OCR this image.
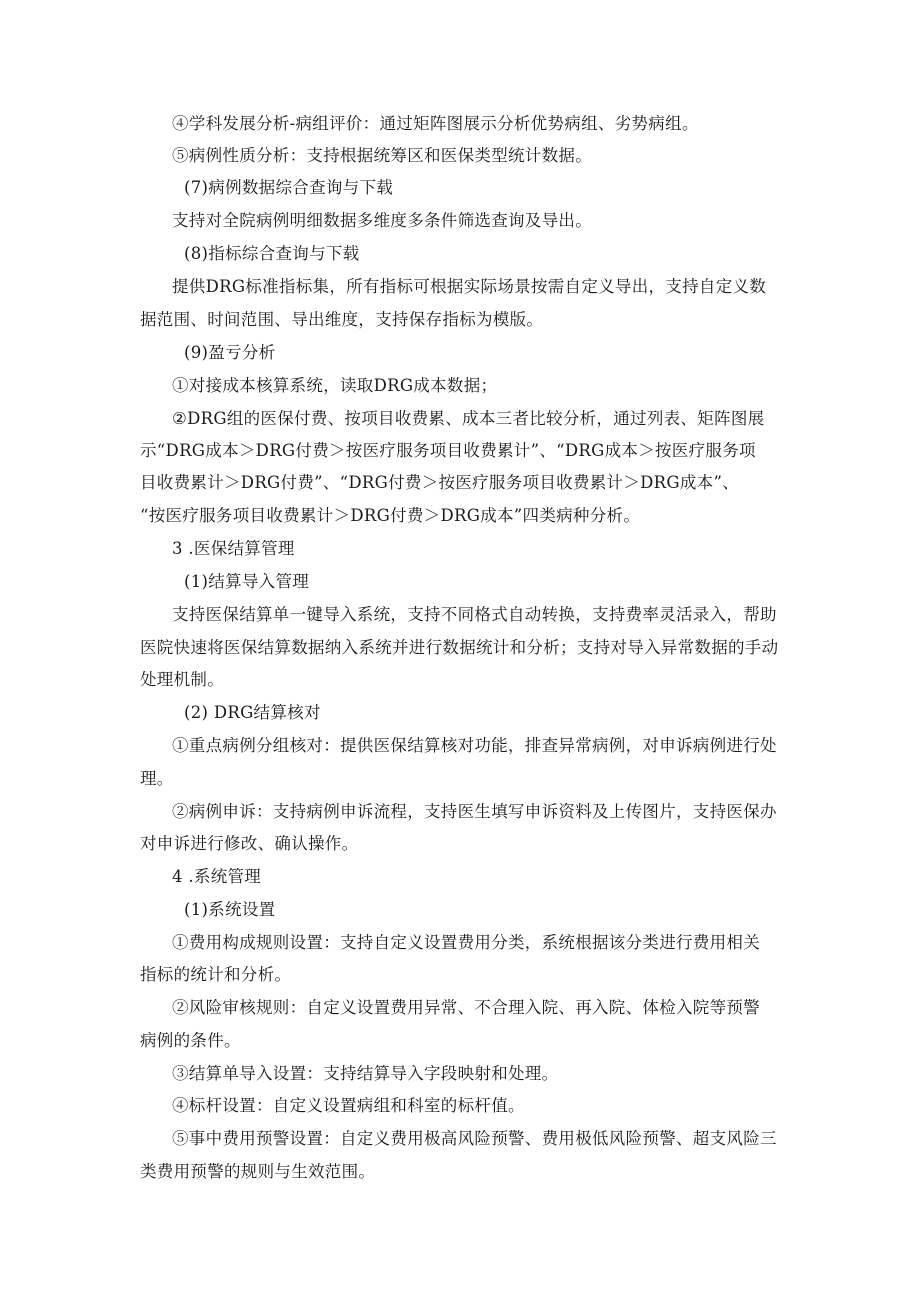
④学科发展分析-病组评价：通过矩阵图展示分析优势病组、劣势病组。
⑤病例性质分析：支持根据统筹区和医保类型统计数据。
(7)病例数据综合查询与下载
支持对全院病例明细数据多维度多条件筛选查询及导出。
(8)指标综合查询与下载
提供DRG标准指标集，所有指标可根据实际场景按需自定义导出，支持自定义数
据范围、时间范围、导出维度，支持保存指标为模版。
(9)盈亏分析
①对接成本核算系统，读取DRG成本数据；
②DRG组的医保付费、按项目收费累、成本三者比较分析，通过列表、矩阵图展
示“DRG成本＞DRG付费＞按医疗服务项目收费累计”、“DRG成本＞按医疗服务项
目收费累计＞DRG付费”、“DRG付费＞按医疗服务项目收费累计＞DRG成本”、
“按医疗服务项目收费累计＞DRG付费＞DRG成本”四类病种分析。
3 .医保结算管理
(1)结算导入管理
支持医保结算单一键导入系统，支持不同格式自动转换，支持费率灵活录入，帮助
医院快速将医保结算数据纳入系统并进行数据统计和分析；支持对导入异常数据的手动
处理机制。
(2) DRG结算核对
①重点病例分组核对：提供医保结算核对功能，排查异常病例，对申诉病例进行处
理。
②病例申诉：支持病例申诉流程，支持医生填写申诉资料及上传图片，支持医保办
对申诉进行修改、确认操作。
4 .系统管理
(1)系统设置
①费用构成规则设置：支持自定义设置费用分类，系统根据该分类进行费用相关
指标的统计和分析。
②风险审核规则：自定义设置费用异常、不合理入院、再入院、体检入院等预警
病例的条件。
③结算单导入设置：支持结算导入字段映射和处理。
④标杆设置：自定义设置病组和科室的标杆值。
⑤事中费用预警设置：自定义费用极高风险预警、费用极低风险预警、超支风险三
类费用预警的规则与生效范围。
